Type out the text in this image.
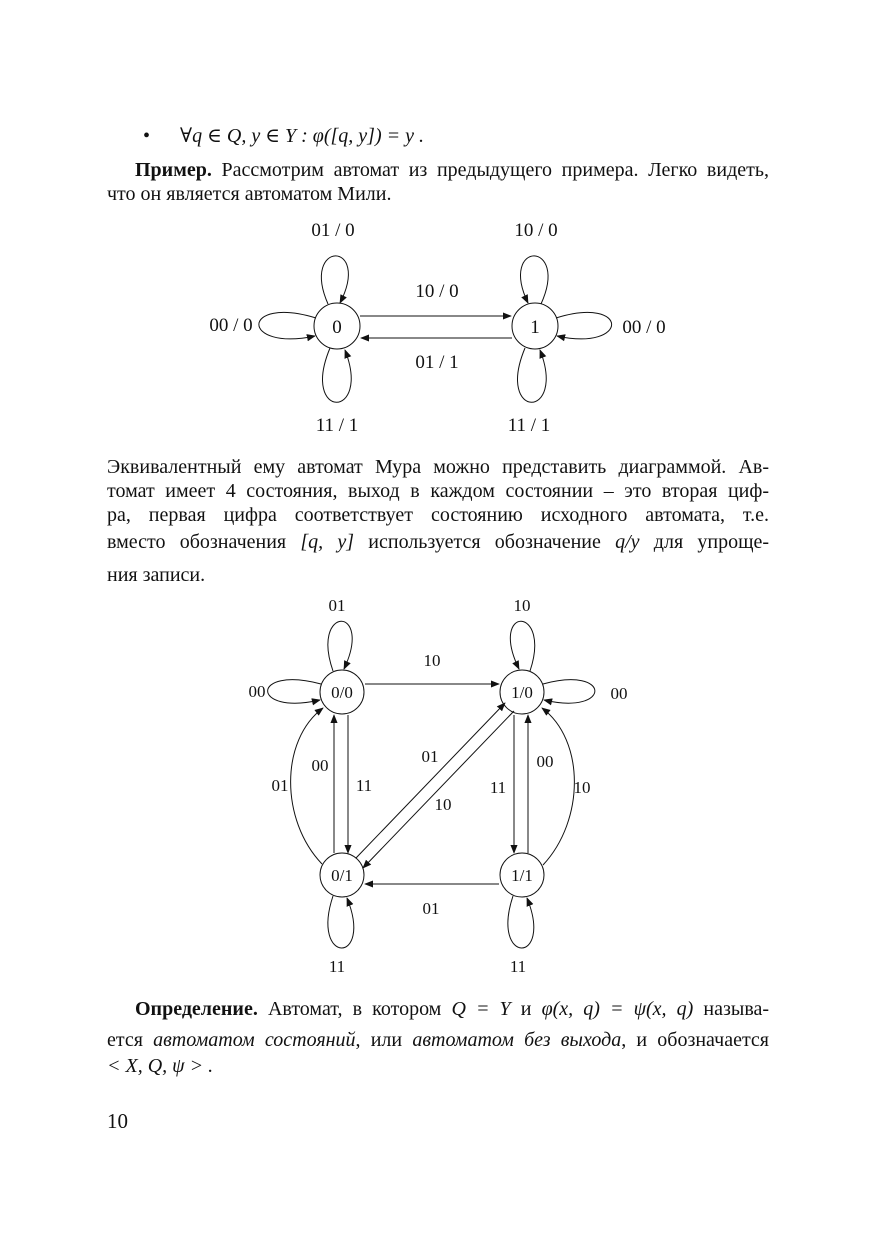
• ∀q ∈ Q, y ∈ Y : φ([q, y]) = y .
Пример. Рассмотрим автомат из предыдущего примера. Легко видеть,
что он является автоматом Мили.
0	1
01 / 0	10 / 0
10 / 0
00 / 0	00 / 0
01 / 1
11 / 1	11 / 1
Эквивалентный ему автомат Мура можно представить диаграммой. Ав-
томат имеет 4 состояния, выход в каждом состоянии – это вторая циф-
ра, первая цифра соответствует состоянию исходного автомата, т.е.
вместо обозначения [q, y] используется обозначение q/y для упроще-
ния записи.
0/0	1/0
0/1	1/1
01	10
10
00	00
01
00
11
01
10
11
00
10
01
11	11
Определение. Автомат, в котором Q = Y и φ(x, q) = ψ(x, q) называ-
ется автоматом состояний, или автоматом без выхода, и обозначается
< X, Q, ψ > .
10
